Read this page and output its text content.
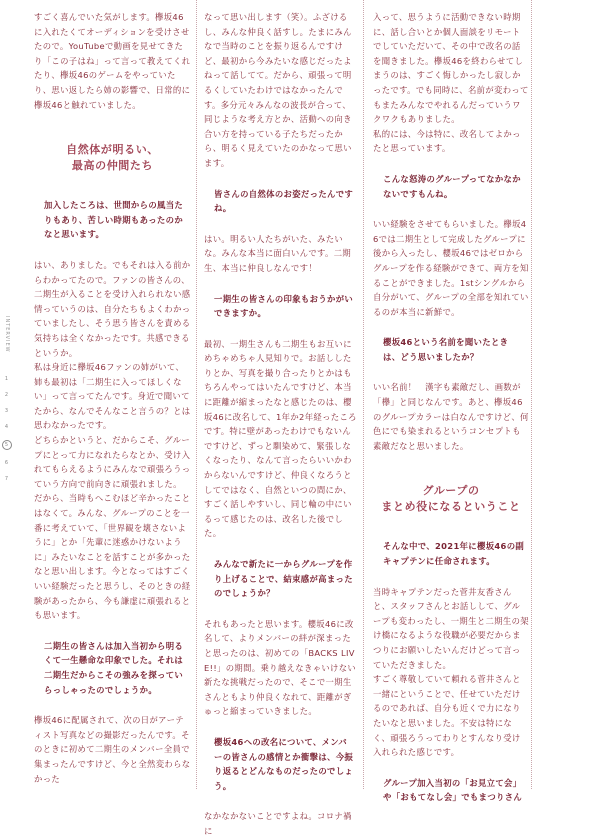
INTERVIEW
1
2
3
4
5
6
7

すごく喜んでいた気がします。欅坂46に入れたくてオーディションを受けさせたので。YouTubeで動画を見せてきたり「この子はね」って言って教えてくれたり、欅坂46のゲームをやっていたり、思い返したら姉の影響で、日常的に欅坂46と触れていました。

自然体が明るい、

最高の仲間たち

加入したころは、世間からの風当たりもあり、苦しい時期もあったのかなと思います。

はい、ありました。でもそれは入る前からわかってたので。ファンの皆さんの、二期生が入ることを受け入れられない感情っていうのは、自分たちもよくわかっていましたし、そう思う皆さんを責める気持ちは全くなかったです。共感できるというか。

私は身近に欅坂46ファンの姉がいて、姉も最初は「二期生に入ってほしくない」って言ってたんです。身近で聞いてたから、なんでそんなこと言うの？とは思わなかったです。

どちらかというと、だからこそ、グループにとって力になれたらなとか、受け入れてもらえるようにみんなで頑張ろうっていう方向で前向きに頑張れました。

だから、当時もへこむほど辛かったことはなくて。みんな、グループのことを一番に考えていて、「世界観を壊さないように」とか「先輩に迷惑かけないように」みたいなことを話すことが多かったなと思い出します。今となってはすごくいい経験だったと思うし、そのときの経験があったから、今も謙虚に頑張れるとも思います。

二期生の皆さんは加入当初から明るくて一生懸命な印象でした。それは二期生だからこその強みを探っていらっしゃったのでしょうか。

欅坂46に配属されて、次の日がアーティスト写真などの撮影だったんです。そのときに初めて二期生のメンバー全員で集まったんですけど、今と全然変わらなかった

なって思い出します（笑）。ふざけるし、みんな仲良く話すし。たまにみんなで当時のことを振り返るんですけど、最初から今みたいな感じだったよねって話してて。だから、頑張って明るくしていたわけではなかったんです。多分元々みんなの波長が合って、同じような考え方とか、活動への向き合い方を持っている子たちだったから、明るく見えていたのかなって思います。

皆さんの自然体のお姿だったんですね。

はい。明るい人たちがいた、みたいな。みんな本当に面白いんです。二期生、本当に仲良しなんです！

一期生の皆さんの印象もおうかがいできますか。

最初、一期生さんも二期生もお互いにめちゃめちゃ人見知りで。お話ししたりとか、写真を撮り合ったりとかはもちろんやってはいたんですけど、本当に距離が縮まったなと感じたのは、櫻坂46に改名して、1年か2年経ったころです。特に壁があったわけでもないんですけど、ずっと馴染めて、緊張しなくなったり、なんて言ったらいいかわからないんですけど、仲良くなろうとしてではなく、自然といつの間にか、すごく話しやすいし、同じ輪の中にいるって感じたのは、改名した後でした。

みんなで新たに一からグループを作り上げることで、結束感が高まったのでしょうか？

それもあったと思います。櫻坂46に改名して、よりメンバーの絆が深まったと思ったのは、初めての「BACKS LIVE!!」の期間。乗り越えなきゃいけない新たな挑戦だったので、そこで一期生さんともより仲良くなれて、距離がぎゅっと縮まっていきました。

櫻坂46への改名について、メンバーの皆さんの感情とか衝撃は、今振り返るとどんなものだったのでしょう。

なかなかないことですよね。コロナ禍に

入って、思うように活動できない時期に、話し合いとか個人面談をリモートでしていただいて、その中で改名の話を聞きました。欅坂46を終わらせてしまうのは、すごく悔しかったし寂しかったです。でも同時に、名前が変わってもまたみんなでやれるんだっていうワクワクもありました。

私的には、今は特に、改名してよかったと思っています。

こんな怒涛のグループってなかなかないですもんね。

いい経験をさせてもらいました。欅坂46では二期生として完成したグループに後から入ったし、櫻坂46ではゼロからグループを作る経験ができて、両方を知ることができました。1stシングルから自分がいて、グループの全部を知れているのが本当に新鮮で。

櫻坂46という名前を聞いたときは、どう思いましたか？

いい名前！　漢字も素敵だし、画数が「欅」と同じなんです。あと、欅坂46のグループカラーは白なんですけど、何色にでも染まれるというコンセプトも素敵だなと思いました。

グループの

まとめ役になるということ

そんな中で、2021年に櫻坂46の副キャプテンに任命されます。

当時キャプテンだった菅井友香さんと、スタッフさんとお話しして、グループも変わったし、一期生と二期生の架け橋になるような役職が必要だからまつりにお願いしたいんだけどって言っていただきました。

すごく尊敬していて頼れる菅井さんと一緒にということで、任せていただけるのであれば、自分も近くで力になりたいなと思いました。不安は特になく、頑張ろうってわりとすんなり受け入れられた感じです。

グループ加入当初の「お見立て会」や「おもてなし会」でもまつりさん
